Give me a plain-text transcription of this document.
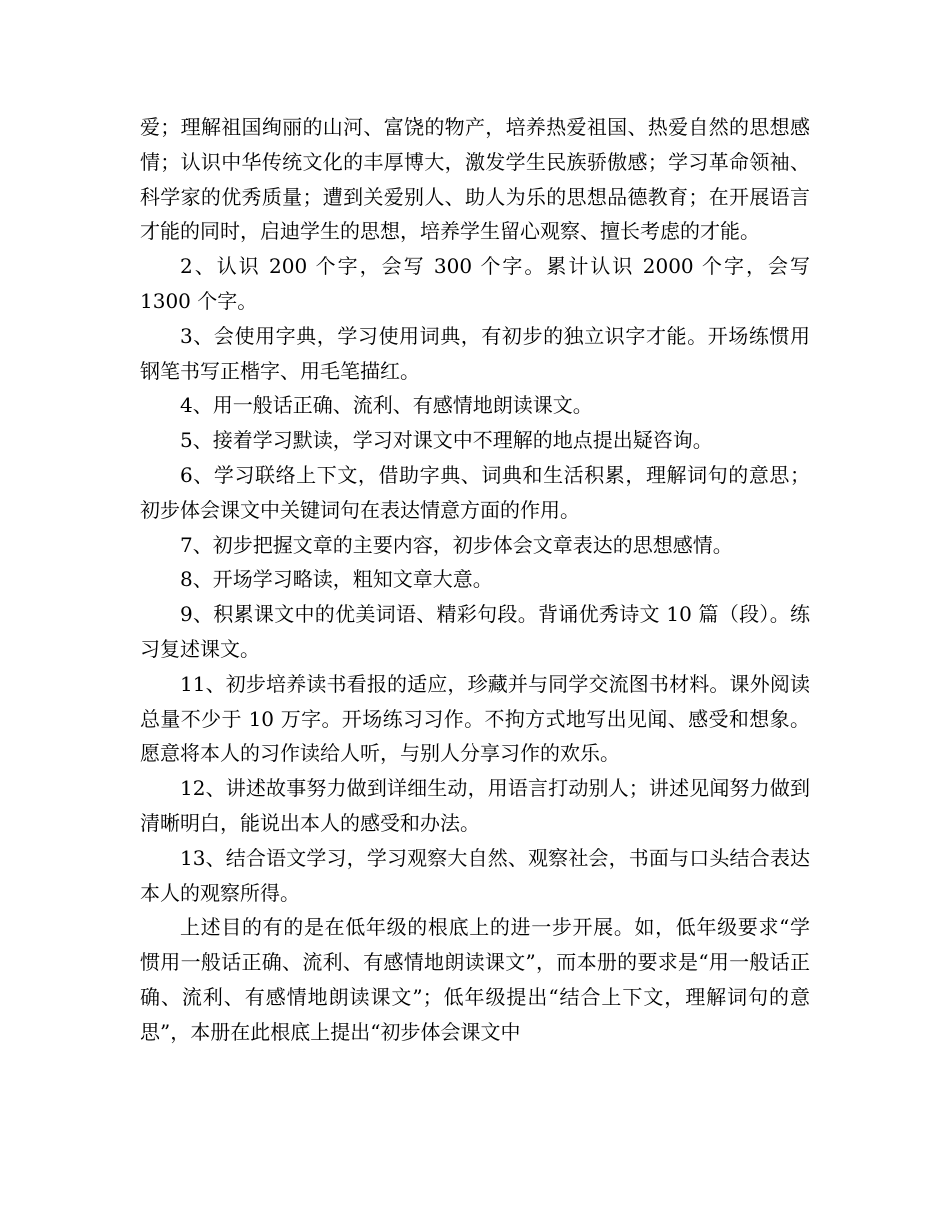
爱；理解祖国绚丽的山河、富饶的物产，培养热爱祖国、热爱自然的思想感情；认识中华传统文化的丰厚博大，激发学生民族骄傲感；学习革命领袖、科学家的优秀质量；遭到关爱别人、助人为乐的思想品德教育；在开展语言才能的同时，启迪学生的思想，培养学生留心观察、擅长考虑的才能。

2、认识 200 个字，会写 300 个字。累计认识 2000 个字，会写 1300 个字。

3、会使用字典，学习使用词典，有初步的独立识字才能。开场练惯用钢笔书写正楷字、用毛笔描红。

4、用一般话正确、流利、有感情地朗读课文。

5、接着学习默读，学习对课文中不理解的地点提出疑咨询。

6、学习联络上下文，借助字典、词典和生活积累，理解词句的意思；初步体会课文中关键词句在表达情意方面的作用。

7、初步把握文章的主要内容，初步体会文章表达的思想感情。

8、开场学习略读，粗知文章大意。

9、积累课文中的优美词语、精彩句段。背诵优秀诗文 10 篇（段）。练习复述课文。

11、初步培养读书看报的适应，珍藏并与同学交流图书材料。课外阅读总量不少于 10 万字。开场练习习作。不拘方式地写出见闻、感受和想象。愿意将本人的习作读给人听，与别人分享习作的欢乐。

12、讲述故事努力做到详细生动，用语言打动别人；讲述见闻努力做到清晰明白，能说出本人的感受和办法。

13、结合语文学习，学习观察大自然、观察社会，书面与口头结合表达本人的观察所得。

上述目的有的是在低年级的根底上的进一步开展。如，低年级要求“学惯用一般话正确、流利、有感情地朗读课文”，而本册的要求是“用一般话正确、流利、有感情地朗读课文”；低年级提出“结合上下文，理解词句的意思”，本册在此根底上提出“初步体会课文中
